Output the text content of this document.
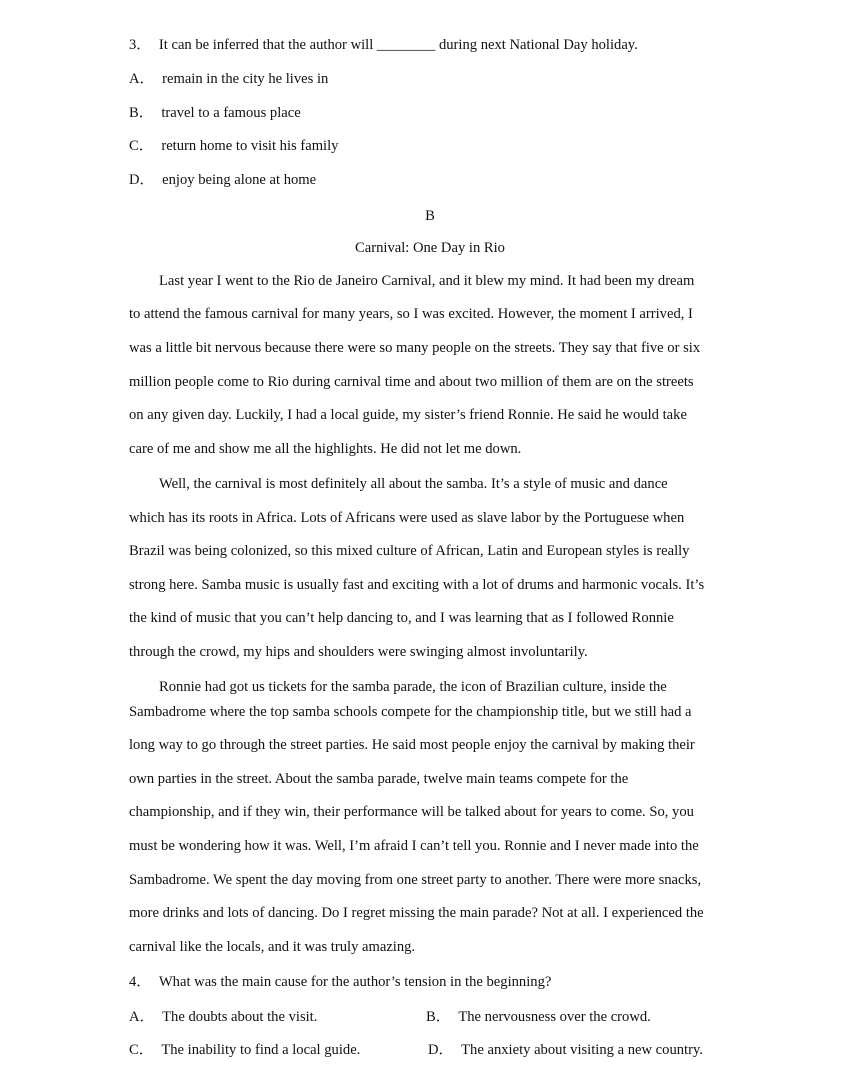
3． It can be inferred that the author will ________ during next National Day holiday.
A． remain in the city he lives in
B． travel to a famous place
C． return home to visit his family
D． enjoy being alone at home
B
Carnival: One Day in Rio
Last year I went to the Rio de Janeiro Carnival, and it blew my mind. It had been my dream
to attend the famous carnival for many years, so I was excited. However, the moment I arrived, I
was a little bit nervous because there were so many people on the streets. They say that five or six
million people come to Rio during carnival time and about two million of them are on the streets
on any given day. Luckily, I had a local guide, my sister’s friend Ronnie. He said he would take
care of me and show me all the highlights. He did not let me down.
Well, the carnival is most definitely all about the samba. It’s a style of music and dance
which has its roots in Africa. Lots of Africans were used as slave labor by the Portuguese when
Brazil was being colonized, so this mixed culture of African, Latin and European styles is really
strong here. Samba music is usually fast and exciting with a lot of drums and harmonic vocals. It’s
the kind of music that you can’t help dancing to, and I was learning that as I followed Ronnie
through the crowd, my hips and shoulders were swinging almost involuntarily.
Ronnie had got us tickets for the samba parade, the icon of Brazilian culture, inside the
Sambadrome where the top samba schools compete for the championship title, but we still had a
long way to go through the street parties. He said most people enjoy the carnival by making their
own parties in the street. About the samba parade, twelve main teams compete for the
championship, and if they win, their performance will be talked about for years to come. So, you
must be wondering how it was. Well, I’m afraid I can’t tell you. Ronnie and I never made into the
Sambadrome. We spent the day moving from one street party to another. There were more snacks,
more drinks and lots of dancing. Do I regret missing the main parade? Not at all. I experienced the
carnival like the locals, and it was truly amazing.
4． What was the main cause for the author’s tension in the beginning?
A． The doubts about the visit.	B． The nervousness over the crowd.
C． The inability to find a local guide.	D． The anxiety about visiting a new country.
